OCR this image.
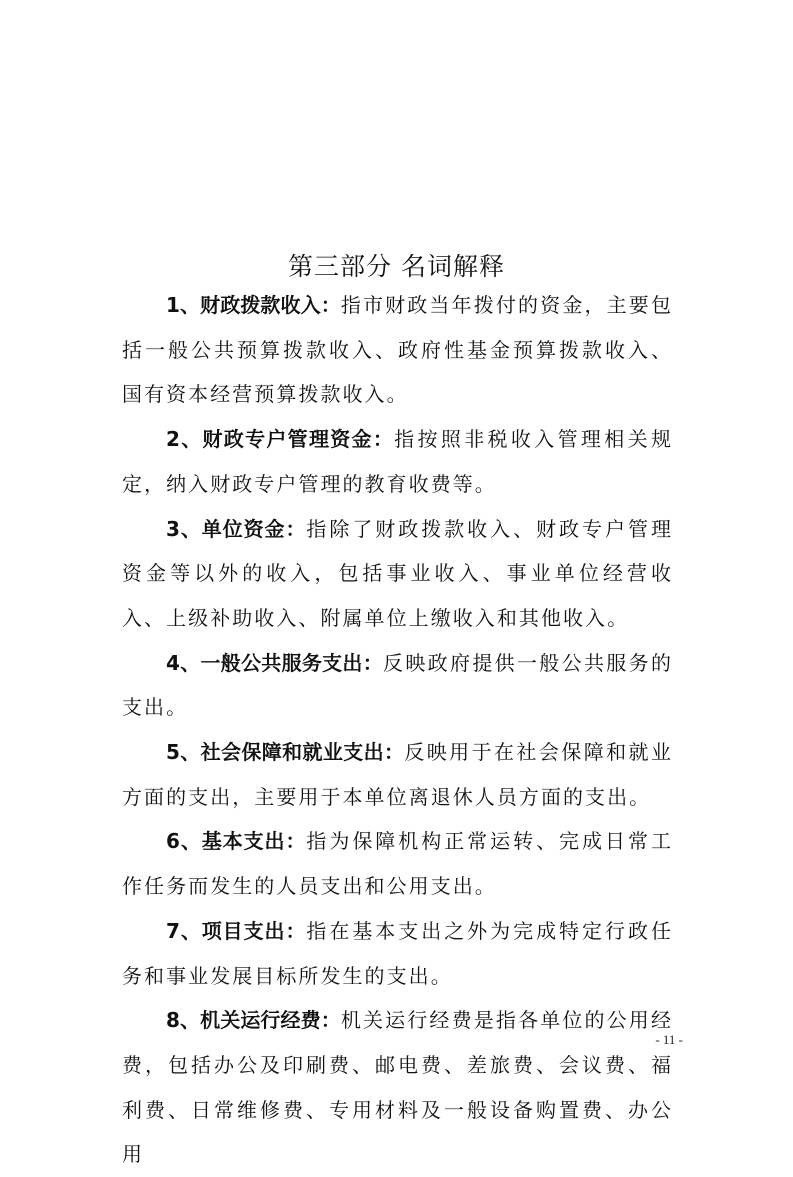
第三部分 名词解释

1、财政拨款收入：指市财政当年拨付的资金，主要包括一般公共预算拨款收入、政府性基金预算拨款收入、国有资本经营预算拨款收入。

2、财政专户管理资金：指按照非税收入管理相关规定，纳入财政专户管理的教育收费等。

3、单位资金：指除了财政拨款收入、财政专户管理资金等以外的收入，包括事业收入、事业单位经营收入、上级补助收入、附属单位上缴收入和其他收入。

4、一般公共服务支出：反映政府提供一般公共服务的支出。

5、社会保障和就业支出：反映用于在社会保障和就业方面的支出，主要用于本单位离退休人员方面的支出。

6、基本支出：指为保障机构正常运转、完成日常工作任务而发生的人员支出和公用支出。

7、项目支出：指在基本支出之外为完成特定行政任务和事业发展目标所发生的支出。

8、机关运行经费：机关运行经费是指各单位的公用经费，包括办公及印刷费、邮电费、差旅费、会议费、福利费、日常维修费、专用材料及一般设备购置费、办公用

- 11 -
